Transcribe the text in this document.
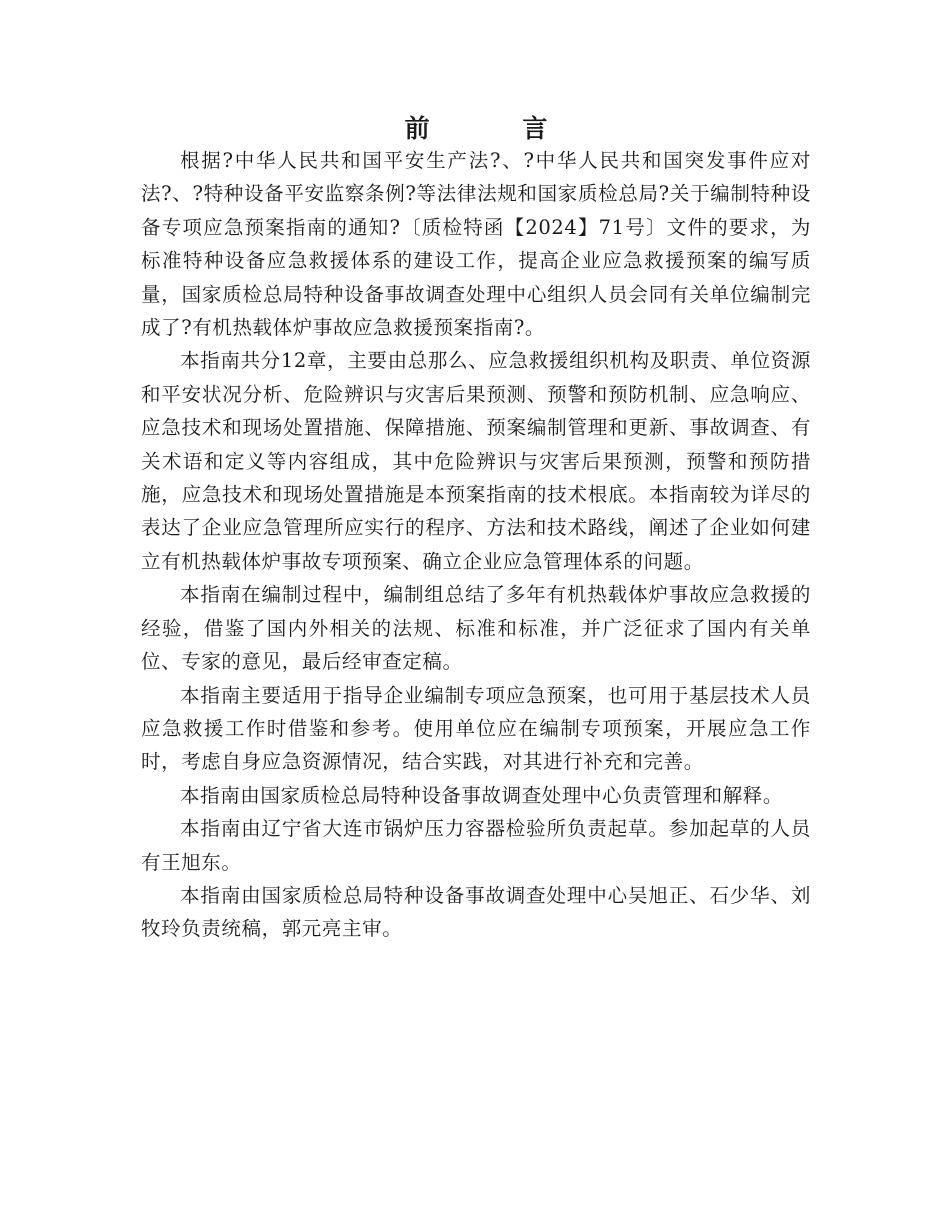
前 言

根据?中华人民共和国平安生产法?、?中华人民共和国突发事件应对法?、?特种设备平安监察条例?等法律法规和国家质检总局?关于编制特种设备专项应急预案指南的通知?〔质检特函【2024】71号〕文件的要求，为标准特种设备应急救援体系的建设工作，提高企业应急救援预案的编写质量，国家质检总局特种设备事故调查处理中心组织人员会同有关单位编制完成了?有机热载体炉事故应急救援预案指南?。

本指南共分12章，主要由总那么、应急救援组织机构及职责、单位资源和平安状况分析、危险辨识与灾害后果预测、预警和预防机制、应急响应、应急技术和现场处置措施、保障措施、预案编制管理和更新、事故调查、有关术语和定义等内容组成，其中危险辨识与灾害后果预测，预警和预防措施，应急技术和现场处置措施是本预案指南的技术根底。本指南较为详尽的表达了企业应急管理所应实行的程序、方法和技术路线，阐述了企业如何建立有机热载体炉事故专项预案、确立企业应急管理体系的问题。

本指南在编制过程中，编制组总结了多年有机热载体炉事故应急救援的经验，借鉴了国内外相关的法规、标准和标准，并广泛征求了国内有关单位、专家的意见，最后经审查定稿。

本指南主要适用于指导企业编制专项应急预案，也可用于基层技术人员应急救援工作时借鉴和参考。使用单位应在编制专项预案，开展应急工作时，考虑自身应急资源情况，结合实践，对其进行补充和完善。

本指南由国家质检总局特种设备事故调查处理中心负责管理和解释。

本指南由辽宁省大连市锅炉压力容器检验所负责起草。参加起草的人员有王旭东。

本指南由国家质检总局特种设备事故调查处理中心吴旭正、石少华、刘牧玲负责统稿，郭元亮主审。
